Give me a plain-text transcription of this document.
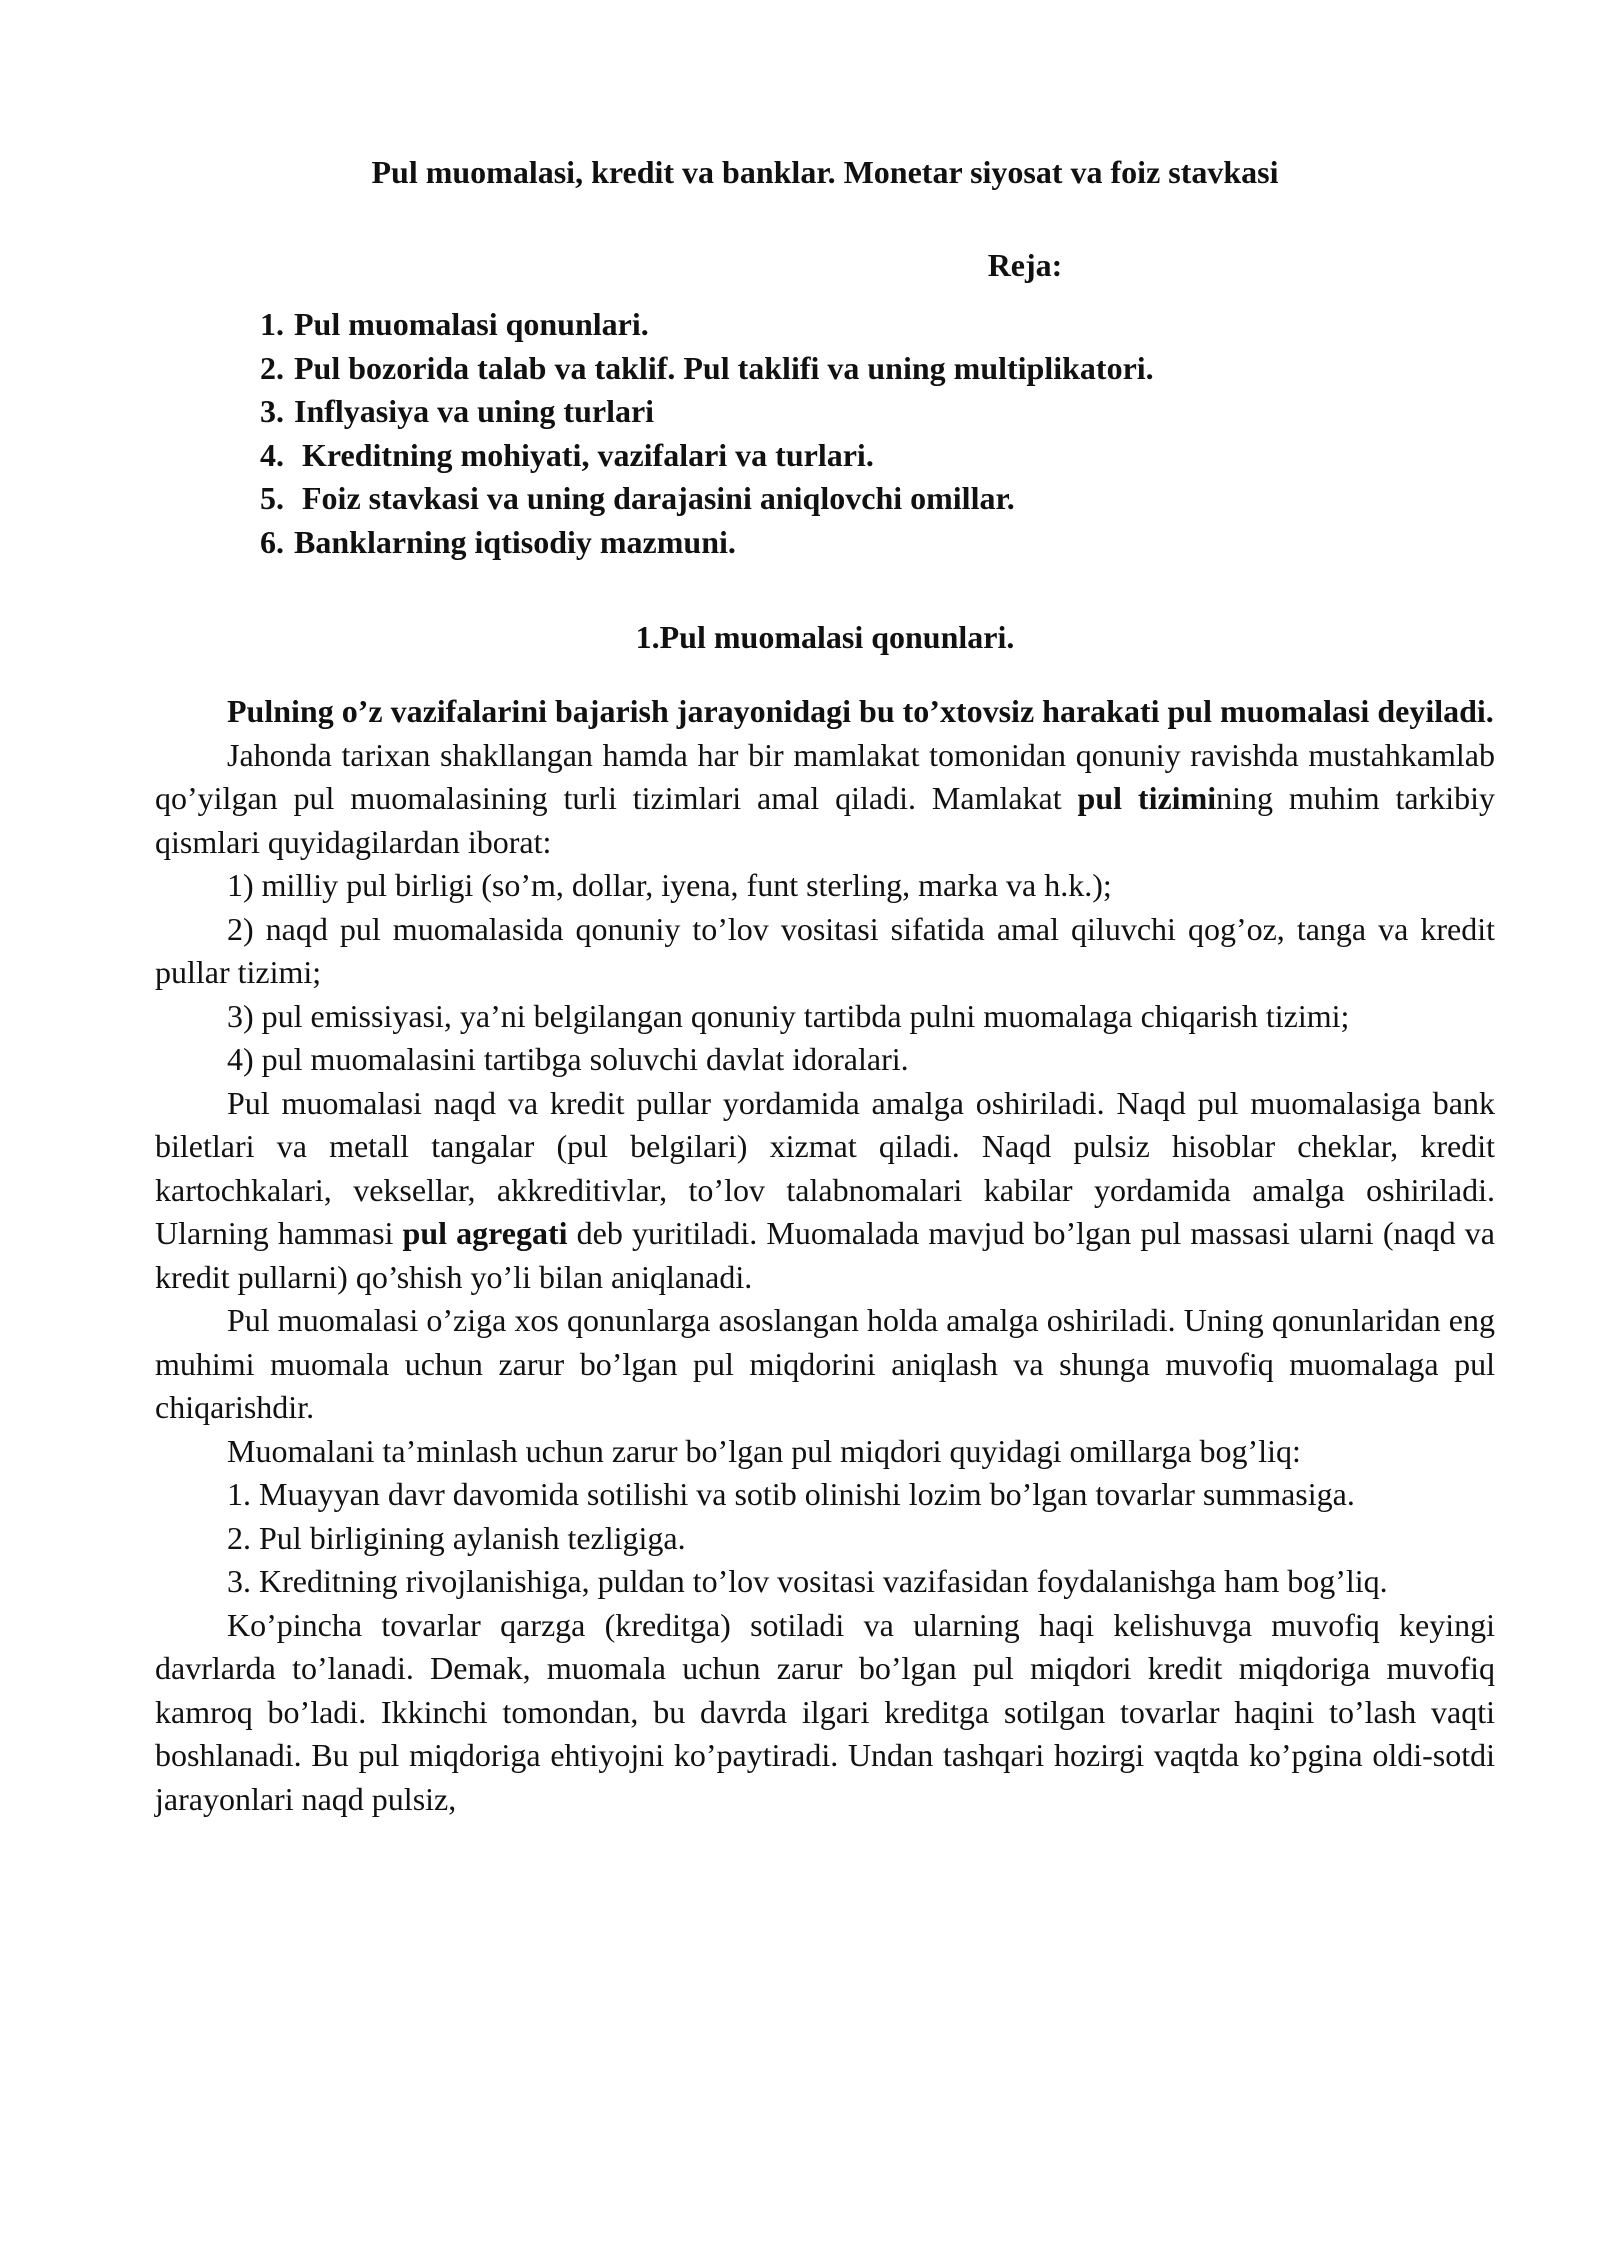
Pul muomalasi, kredit va banklar. Monetar siyosat va foiz stavkasi
Reja:
1. Pul muomalasi qonunlari.
2. Pul bozorida talab va taklif. Pul taklifi va uning multiplikatori.
3. Inflyasiya va uning turlari
4. Kreditning mohiyati, vazifalari va turlari.
5. Foiz stavkasi va uning darajasini aniqlovchi omillar.
6. Banklarning iqtisodiy mazmuni.
1.Pul muomalasi qonunlari.

Pulning o’z vazifalarini bajarish jarayonidagi bu to’xtovsiz harakati pul muomalasi deyiladi.

Jahonda tarixan shakllangan hamda har bir mamlakat tomonidan qonuniy ravishda mustahkamlab qo’yilgan pul muomalasining turli tizimlari amal qiladi. Mamlakat pul tizimining muhim tarkibiy qismlari quyidagilardan iborat:

1) milliy pul birligi (so’m, dollar, iyena, funt sterling, marka va h.k.);

2) naqd pul muomalasida qonuniy to’lov vositasi sifatida amal qiluvchi qog’oz, tanga va kredit pullar tizimi;

3) pul emissiyasi, ya’ni belgilangan qonuniy tartibda pulni muomalaga chiqarish tizimi;

4) pul muomalasini tartibga soluvchi davlat idoralari.

Pul muomalasi naqd va kredit pullar yordamida amalga oshiriladi. Naqd pul muomalasiga bank biletlari va metall tangalar (pul belgilari) xizmat qiladi. Naqd pulsiz hisoblar cheklar, kredit kartochkalari, veksellar, akkreditivlar, to’lov talabnomalari kabilar yordamida amalga oshiriladi. Ularning hammasi pul agregati deb yuritiladi. Muomalada mavjud bo’lgan pul massasi ularni (naqd va kredit pullarni) qo’shish yo’li bilan aniqlanadi.

Pul muomalasi o’ziga xos qonunlarga asoslangan holda amalga oshiriladi. Uning qonunlaridan eng muhimi muomala uchun zarur bo’lgan pul miqdorini aniqlash va shunga muvofiq muomalaga pul chiqarishdir.

Muomalani ta’minlash uchun zarur bo’lgan pul miqdori quyidagi omillarga bog’liq:

1. Muayyan davr davomida sotilishi va sotib olinishi lozim bo’lgan tovarlar summasiga.

2. Pul birligining aylanish tezligiga.

3. Kreditning rivojlanishiga, puldan to’lov vositasi vazifasidan foydalanishga ham bog’liq.

Ko’pincha tovarlar qarzga (kreditga) sotiladi va ularning haqi kelishuvga muvofiq keyingi davrlarda to’lanadi. Demak, muomala uchun zarur bo’lgan pul miqdori kredit miqdoriga muvofiq kamroq bo’ladi. Ikkinchi tomondan, bu davrda ilgari kreditga sotilgan tovarlar haqini to’lash vaqti boshlanadi. Bu pul miqdoriga ehtiyojni ko’paytiradi. Undan tashqari hozirgi vaqtda ko’pgina oldi-sotdi jarayonlari naqd pulsiz,
